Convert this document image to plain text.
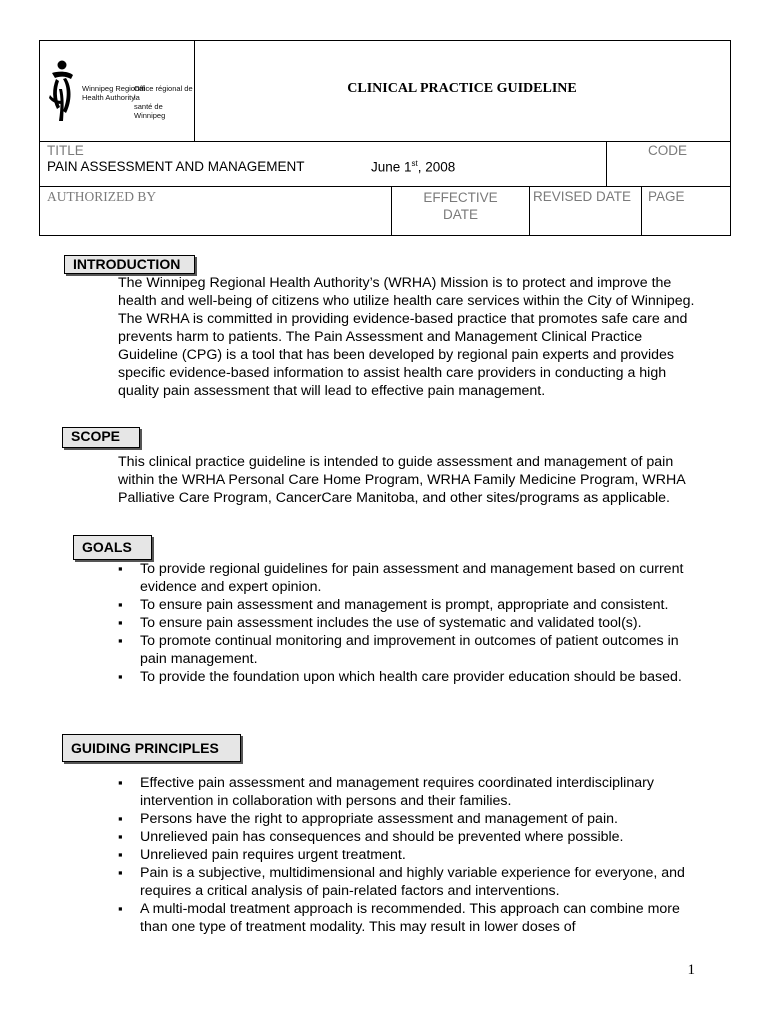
Winnipeg Regional
Health Authority
Office régional de la
santé de Winnipeg
CLINICAL PRACTICE GUIDELINE
TITLE
PAIN ASSESSMENT AND MANAGEMENT	June 1st, 2008
CODE
AUTHORIZED BY	EFFECTIVE
DATE
REVISED DATE PAGE
INTRODUCTION

The Winnipeg Regional Health Authority’s (WRHA) Mission is to protect and improve the health and well-being of citizens who utilize health care services within the City of Winnipeg. The WRHA is committed in providing evidence-based practice that promotes safe care and prevents harm to patients. The Pain Assessment and Management Clinical Practice Guideline (CPG) is a tool that has been developed by regional pain experts and provides specific evidence-based information to assist health care providers in conducting a high quality pain assessment that will lead to effective pain management.

SCOPE

This clinical practice guideline is intended to guide assessment and management of pain within the WRHA Personal Care Home Program, WRHA Family Medicine Program, WRHA Palliative Care Program, CancerCare Manitoba, and other sites/programs as applicable.

GOALS
▪ To provide regional guidelines for pain assessment and management based on current evidence and expert opinion.
▪ To ensure pain assessment and management is prompt, appropriate and consistent.
▪ To ensure pain assessment includes the use of systematic and validated tool(s).
▪ To promote continual monitoring and improvement in outcomes of patient outcomes in pain management.
▪ To provide the foundation upon which health care provider education should be based.
GUIDING PRINCIPLES
▪ Effective pain assessment and management requires coordinated interdisciplinary intervention in collaboration with persons and their families.
▪ Persons have the right to appropriate assessment and management of pain.
▪ Unrelieved pain has consequences and should be prevented where possible.
▪ Unrelieved pain requires urgent treatment.
▪ Pain is a subjective, multidimensional and highly variable experience for everyone, and requires a critical analysis of pain-related factors and interventions.
▪ A multi-modal treatment approach is recommended. This approach can combine more than one type of treatment modality. This may result in lower doses of
1
